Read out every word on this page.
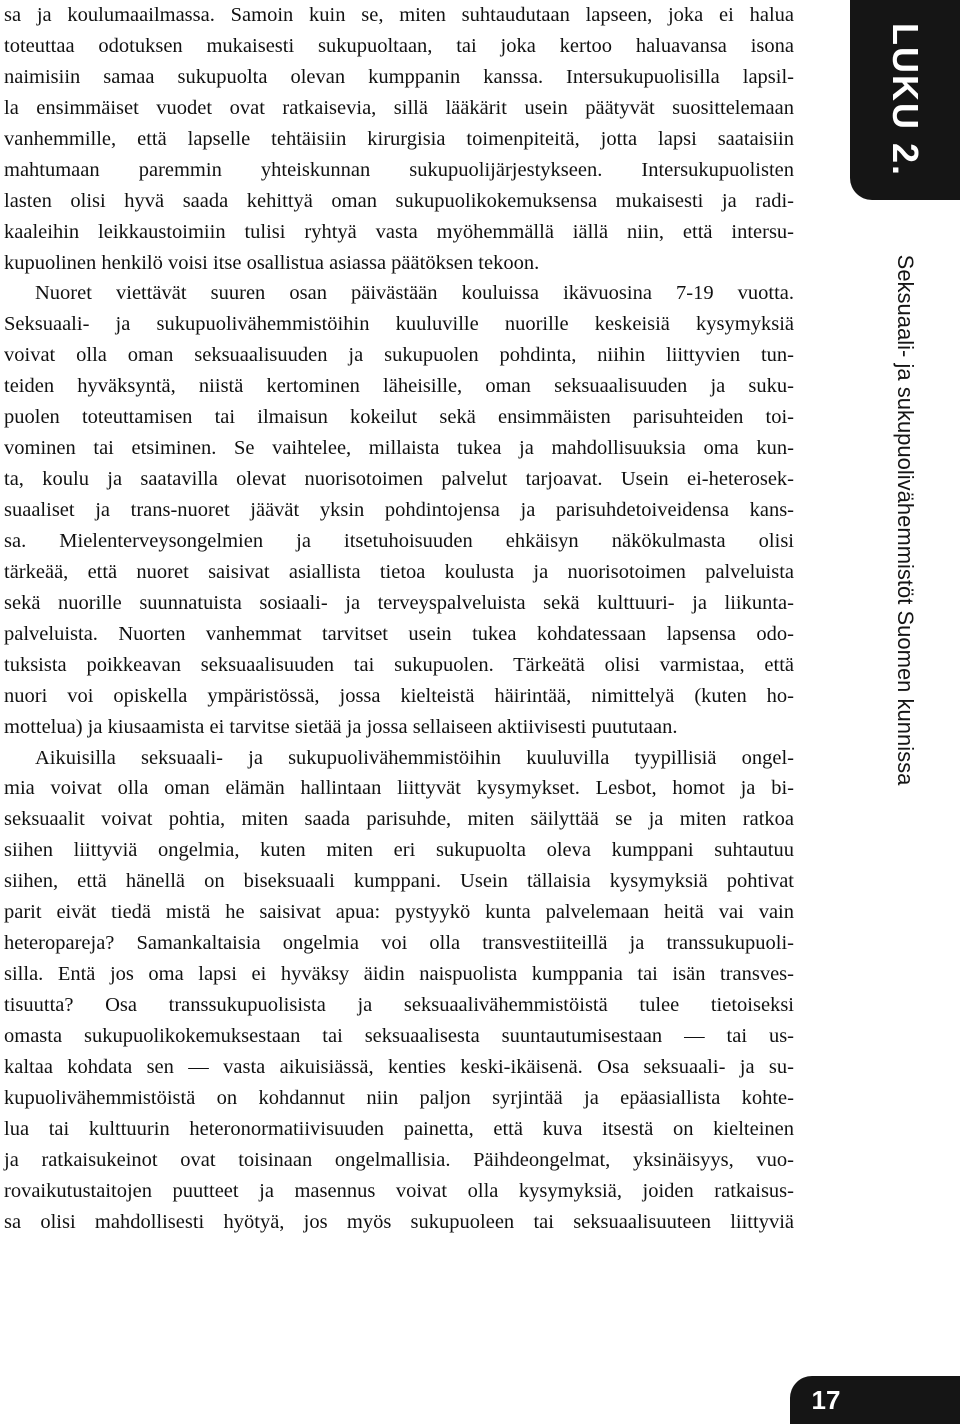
sa ja koulumaailmassa. Samoin kuin se, miten suhtaudutaan lapseen, joka ei halua
toteuttaa odotuksen mukaisesti sukupuoltaan, tai joka kertoo haluavansa isona
naimisiin samaa sukupuolta olevan kumppanin kanssa. Intersukupuolisilla lapsil-
la ensimmäiset vuodet ovat ratkaisevia, sillä lääkärit usein päätyvät suosittelemaan
vanhemmille, että lapselle tehtäisiin kirurgisia toimenpiteitä, jotta lapsi saataisiin
mahtumaan paremmin yhteiskunnan sukupuolijärjestykseen. Intersukupuolisten
lasten olisi hyvä saada kehittyä oman sukupuolikokemuksensa mukaisesti ja radi-
kaaleihin leikkaustoimiin tulisi ryhtyä vasta myöhemmällä iällä niin, että intersu-
kupuolinen henkilö voisi itse osallistua asiassa päätöksen tekoon.
Nuoret viettävät suuren osan päivästään kouluissa ikävuosina 7-19 vuotta.
Seksuaali- ja sukupuolivähemmistöihin kuuluville nuorille keskeisiä kysymyksiä
voivat olla oman seksuaalisuuden ja sukupuolen pohdinta, niihin liittyvien tun-
teiden hyväksyntä, niistä kertominen läheisille, oman seksuaalisuuden ja suku-
puolen toteuttamisen tai ilmaisun kokeilut sekä ensimmäisten parisuhteiden toi-
vominen tai etsiminen. Se vaihtelee, millaista tukea ja mahdollisuuksia oma kun-
ta, koulu ja saatavilla olevat nuorisotoimen palvelut tarjoavat. Usein ei-heterosek-
suaaliset ja trans-nuoret jäävät yksin pohdintojensa ja parisuhdetoiveidensa kans-
sa. Mielenterveysongelmien ja itsetuhoisuuden ehkäisyn näkökulmasta olisi
tärkeää, että nuoret saisivat asiallista tietoa koulusta ja nuorisotoimen palveluista
sekä nuorille suunnatuista sosiaali- ja terveyspalveluista sekä kulttuuri- ja liikunta-
palveluista. Nuorten vanhemmat tarvitset usein tukea kohdatessaan lapsensa odo-
tuksista poikkeavan seksuaalisuuden tai sukupuolen. Tärkeätä olisi varmistaa, että
nuori voi opiskella ympäristössä, jossa kielteistä häirintää, nimittelyä (kuten ho-
mottelua) ja kiusaamista ei tarvitse sietää ja jossa sellaiseen aktiivisesti puututaan.
Aikuisilla seksuaali- ja sukupuolivähemmistöihin kuuluvilla tyypillisiä ongel-
mia voivat olla oman elämän hallintaan liittyvät kysymykset. Lesbot, homot ja bi-
seksuaalit voivat pohtia, miten saada parisuhde, miten säilyttää se ja miten ratkoa
siihen liittyviä ongelmia, kuten miten eri sukupuolta oleva kumppani suhtautuu
siihen, että hänellä on biseksuaali kumppani. Usein tällaisia kysymyksiä pohtivat
parit eivät tiedä mistä he saisivat apua: pystyykö kunta palvelemaan heitä vai vain
heteropareja? Samankaltaisia ongelmia voi olla transvestiiteillä ja transsukupuoli-
silla. Entä jos oma lapsi ei hyväksy äidin naispuolista kumppania tai isän transves-
tisuutta? Osa transsukupuolisista ja seksuaalivähemmistöistä tulee tietoiseksi
omasta sukupuolikokemuksestaan tai seksuaalisesta suuntautumisestaan — tai us-
kaltaa kohdata sen — vasta aikuisiässä, kenties keski-ikäisenä. Osa seksuaali- ja su-
kupuolivähemmistöistä on kohdannut niin paljon syrjintää ja epäasiallista kohte-
lua tai kulttuurin heteronormatiivisuuden painetta, että kuva itsestä on kielteinen
ja ratkaisukeinot ovat toisinaan ongelmallisia. Päihdeongelmat, yksinäisyys, vuo-
rovaikutustaitojen puutteet ja masennus voivat olla kysymyksiä, joiden ratkaisus-
sa olisi mahdollisesti hyötyä, jos myös sukupuoleen tai seksuaalisuuteen liittyviä
LUKU 2.
Seksuaali- ja sukupuolivähemmistöt Suomen kunnissa
17
